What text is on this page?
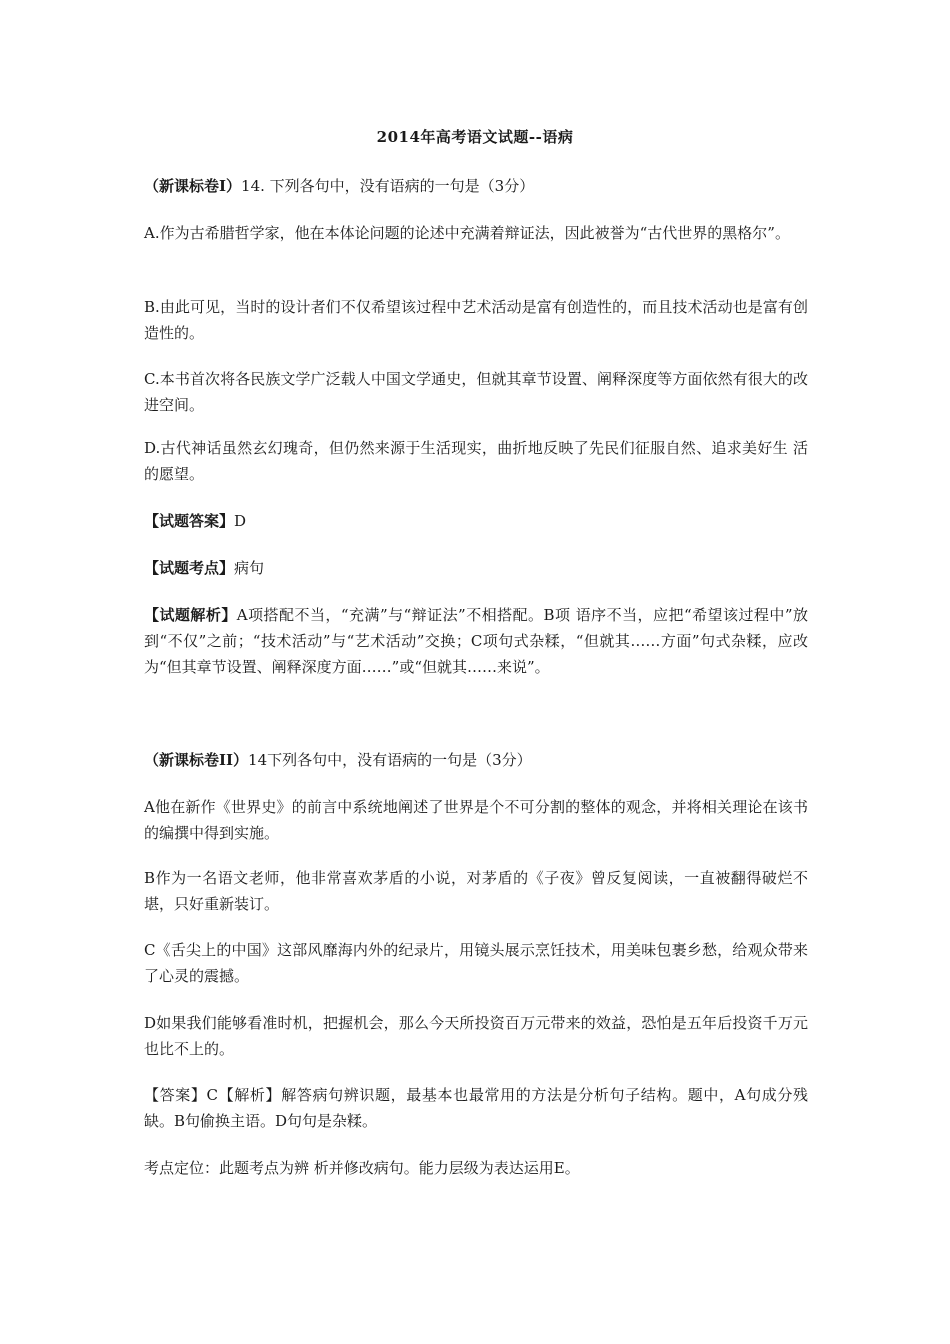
2014年高考语文试题--语病
（新课标卷Ⅰ）14. 下列各句中，没有语病的一句是（3分）
A.作为古希腊哲学家，他在本体论问题的论述中充满着辩证法，因此被誉为“古代世界的黑格尔”。
B.由此可见，当时的设计者们不仅希望该过程中艺术活动是富有创造性的，而且技术活动也是富有创造性的。
C.本书首次将各民族文学广泛载人中国文学通史，但就其章节设置、阐释深度等方面依然有很大的改进空间。
D.古代神话虽然玄幻瑰奇，但仍然来源于生活现实，曲折地反映了先民们征服自然、追求美好生 活的愿望。
【试题答案】D
【试题考点】病句
【试题解析】A项搭配不当，“充满”与“辩证法”不相搭配。B项 语序不当，应把“希望该过程中”放到“不仅”之前；“技术活动”与“艺术活动”交换；C项句式杂糅，“但就其……方面”句式杂糅，应改为“但其章节设置、阐释深度方面……”或“但就其……来说”。
（新课标卷II）14下列各句中，没有语病的一句是（3分）
A他在新作《世界史》的前言中系统地阐述了世界是个不可分割的整体的观念，并将相关理论在该书的编撰中得到实施。
B作为一名语文老师，他非常喜欢茅盾的小说，对茅盾的《子夜》曾反复阅读，一直被翻得破烂不堪，只好重新装订。
C《舌尖上的中国》这部风靡海内外的纪录片，用镜头展示烹饪技术，用美味包裹乡愁，给观众带来了心灵的震撼。
D如果我们能够看准时机，把握机会，那么今天所投资百万元带来的效益，恐怕是五年后投资千万元也比不上的。
【答案】C【解析】解答病句辨识题，最基本也最常用的方法是分析句子结构。题中，A句成分残缺。B句偷换主语。D句句是杂糅。
考点定位：此题考点为辨 析并修改病句。能力层级为表达运用E。
